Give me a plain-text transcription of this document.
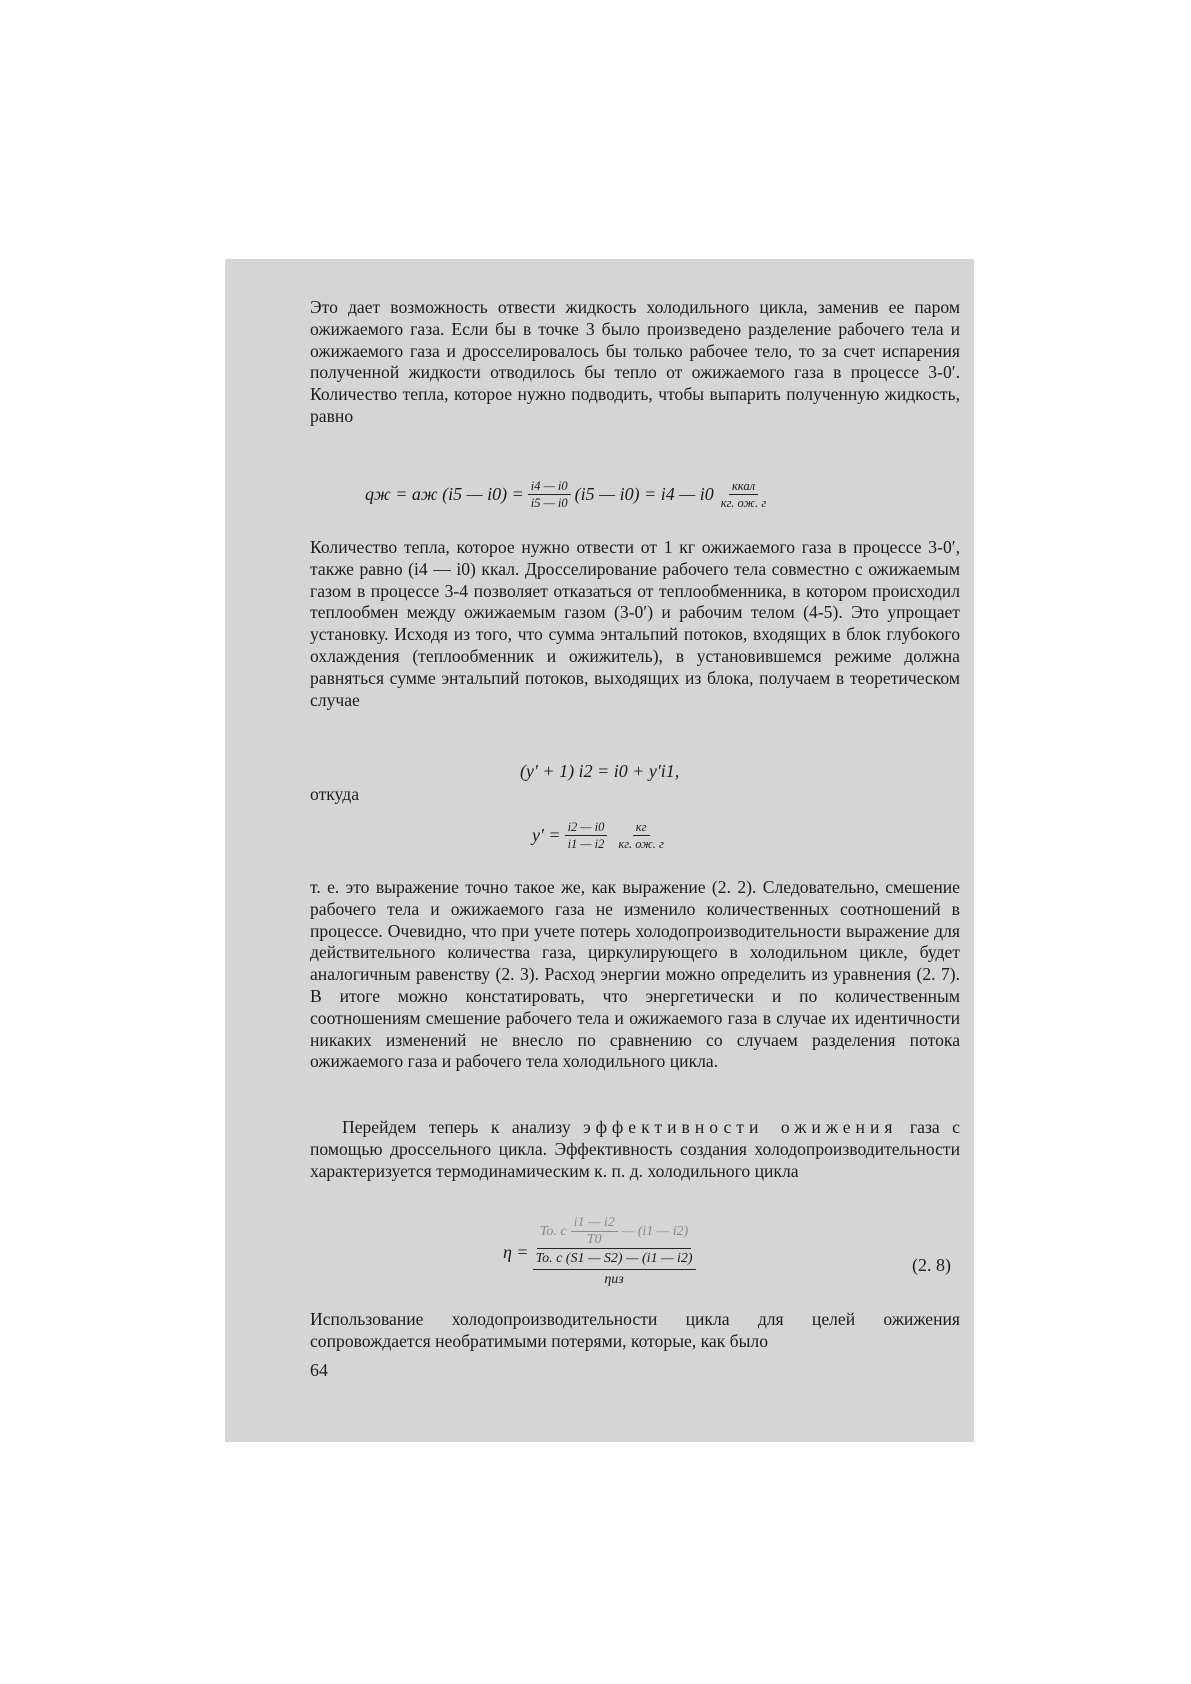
Это дает возможность отвести жидкость холодильного цикла, заменив ее паром ожижаемого газа. Если бы в точке 3 было произведено разделение рабочего тела и ожижаемого газа и дросселировалось бы только рабочее тело, то за счет испарения полученной жидкости отводилось бы тепло от ожижаемого газа в процессе 3-0′. Количество тепла, которое нужно подводить, чтобы выпарить полученную жидкость, равно

qж = aж (i5 — $i0) = \frac{i4 — i0}{i5 — i0} (i5$ — i0) = i4 — $i0 \frac{\text{ккал}}{кг. ож. г}$

Количество тепла, которое нужно отвести от 1 кг ожижаемого газа в процессе 3-0′, также равно (i4 — i0) ккал. Дросселирование рабочего тела совместно с ожижаемым газом в процессе 3-4 позволяет отказаться от теплообменника, в котором происходил теплообмен между ожижаемым газом (3-0′) и рабочим телом (4-5). Это упрощает установку. Исходя из того, что сумма энтальпий потоков, входящих в блок глубокого охлаждения (теплообменник и ожижитель), в установившемся режиме должна равняться сумме энтальпий потоков, выходящих из блока, получаем в теоретическом случае

(y′ + 1) i2 = i0 + y′i1,

откуда

$y' = \frac{i2 — i0}{i1 — i2} \frac{кг}{кг. ож. г}$

т. е. это выражение точно такое же, как выражение (2. 2). Следовательно, смешение рабочего тела и ожижаемого газа не изменило количественных соотношений в процессе. Очевидно, что при учете потерь холодопроизводительности выражение для действительного количества газа, циркулирующего в холодильном цикле, будет аналогичным равенству (2. 3). Расход энергии можно определить из уравнения (2. 7). В итоге можно констатировать, что энергетически и по количественным соотношениям смешение рабочего тела и ожижаемого газа в случае их идентичности никаких изменений не внесло по сравнению со случаем разделения потока ожижаемого газа и рабочего тела холодильного цикла.

Перейдем теперь к анализу эффективности ожижения газа с помощью дроссельного цикла. Эффективность создания холодопроизводительности характеризуется термодинамическим к. п. д. холодильного цикла

η =
To. c $\frac{i1 — i2}{T0}$ — (i1 — i2)
To. c (S1 — S2) — (i1 — i2)
ηиз
(2. 8)

Использование холодопроизводительности цикла для целей ожижения сопровождается необратимыми потерями, которые, как было

64
